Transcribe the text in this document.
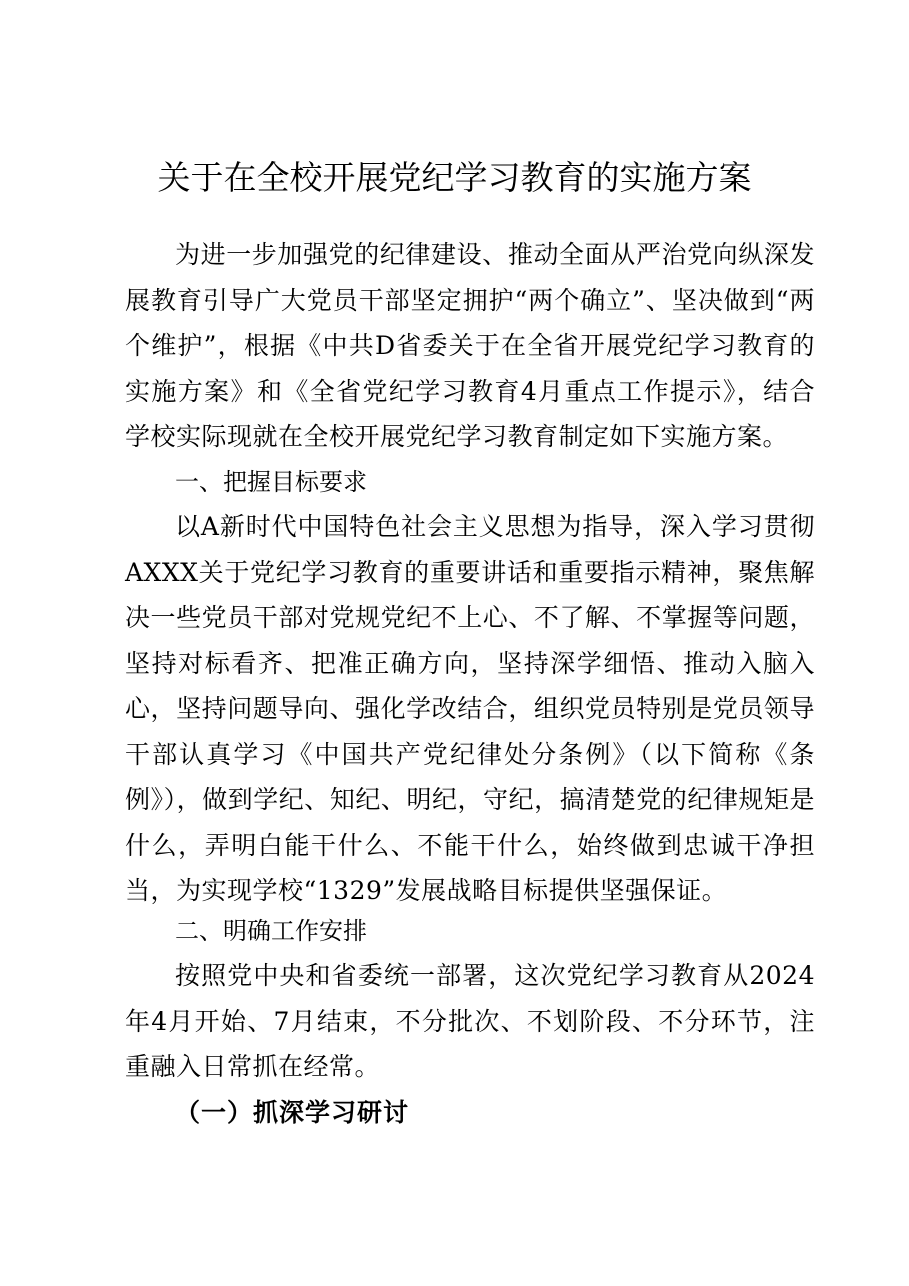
关于在全校开展党纪学习教育的实施方案

为进一步加强党的纪律建设、推动全面从严治党向纵深发展教育引导广大党员干部坚定拥护“两个确立”、坚决做到“两个维护”，根据《中共D省委关于在全省开展党纪学习教育的实施方案》和《全省党纪学习教育4月重点工作提示》，结合学校实际现就在全校开展党纪学习教育制定如下实施方案。

一、把握目标要求

以A新时代中国特色社会主义思想为指导，深入学习贯彻AXXX关于党纪学习教育的重要讲话和重要指示精神，聚焦解决一些党员干部对党规党纪不上心、不了解、不掌握等问题，坚持对标看齐、把准正确方向，坚持深学细悟、推动入脑入心，坚持问题导向、强化学改结合，组织党员特别是党员领导干部认真学习《中国共产党纪律处分条例》（以下简称《条例》），做到学纪、知纪、明纪，守纪，搞清楚党的纪律规矩是什么，弄明白能干什么、不能干什么，始终做到忠诚干净担当，为实现学校“1329”发展战略目标提供坚强保证。

二、明确工作安排

按照党中央和省委统一部署，这次党纪学习教育从2024年4月开始、7月结束，不分批次、不划阶段、不分环节，注重融入日常抓在经常。

（一）抓深学习研讨
